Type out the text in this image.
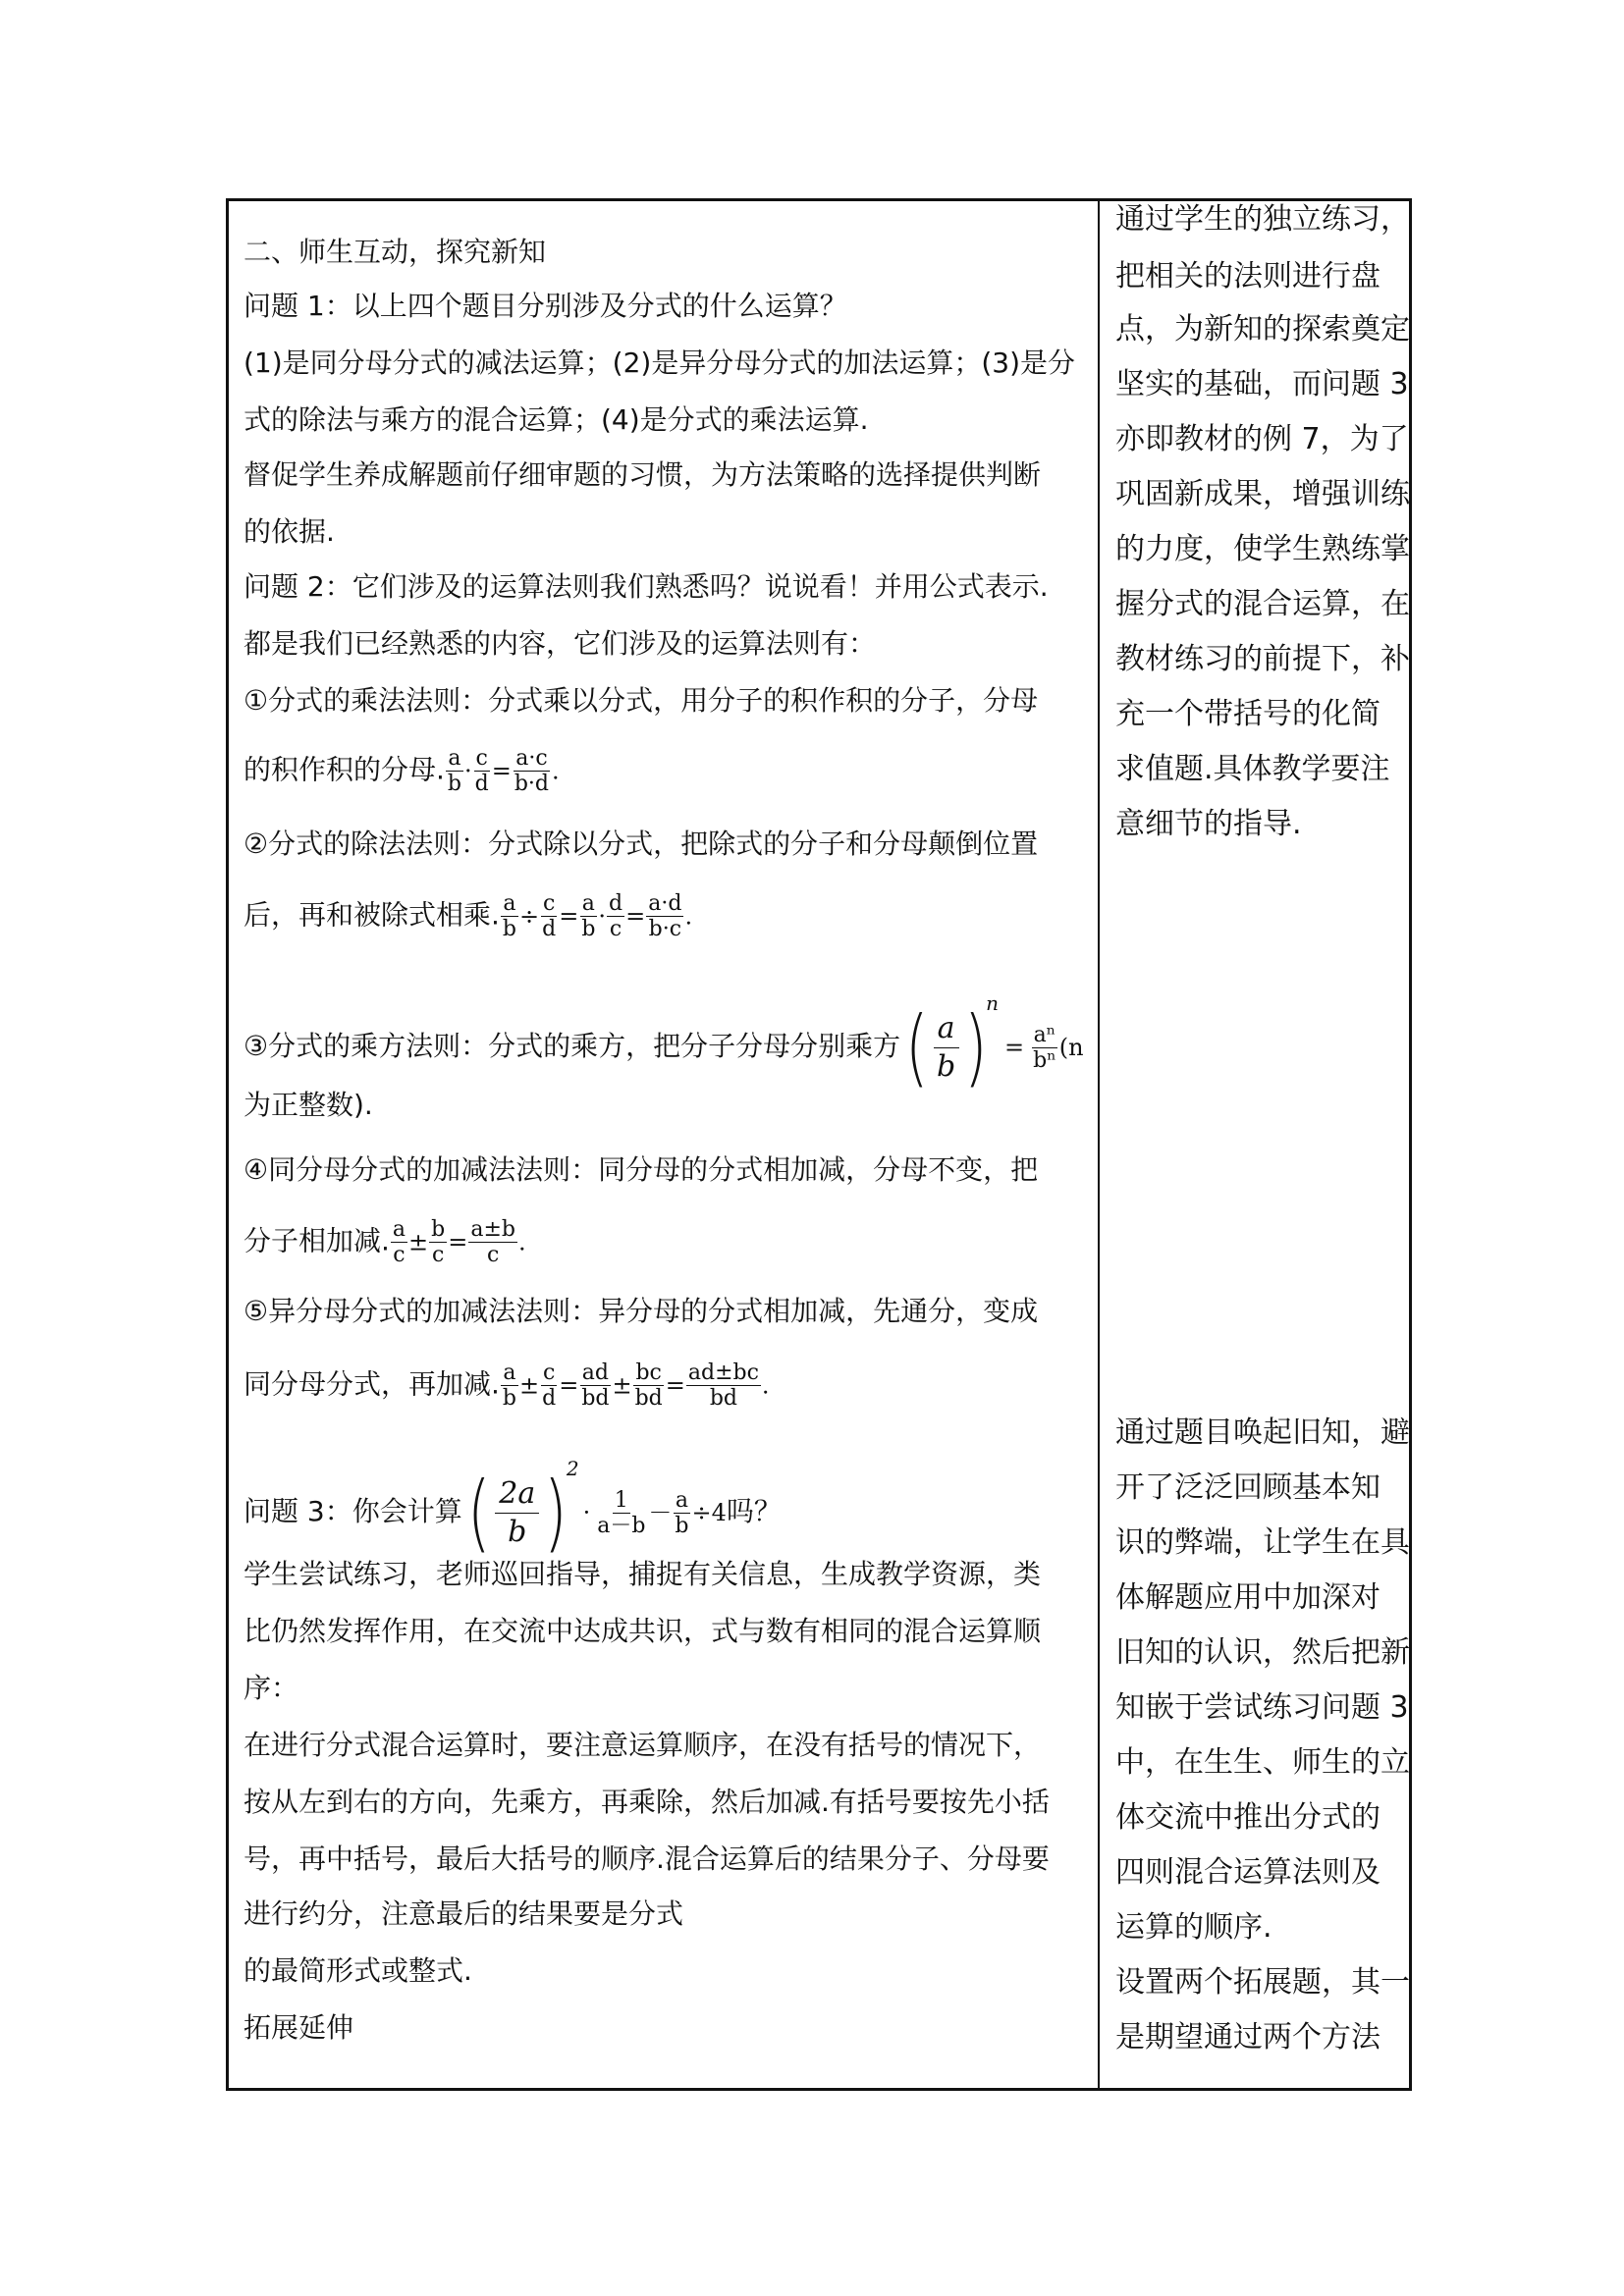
二、师生互动，探究新知
问题 1：以上四个题目分别涉及分式的什么运算？
(1)是同分母分式的减法运算；(2)是异分母分式的加法运算；(3)是分
式的除法与乘方的混合运算；(4)是分式的乘法运算.
督促学生养成解题前仔细审题的习惯，为方法策略的选择提供判断
的依据.
问题 2：它们涉及的运算法则我们熟悉吗？说说看！并用公式表示.
都是我们已经熟悉的内容，它们涉及的运算法则有：
①分式的乘法法则：分式乘以分式，用分子的积作积的分子，分母
的积作积的分母. $\frac{a}{b} \cdot \frac{c}{d} = \frac{a\cdot c}{b\cdot d}$ .
②分式的除法法则：分式除以分式，把除式的分子和分母颠倒位置
后，再和被除式相乘. $\frac{a}{b} \div \frac{c}{d} = \frac{a}{b} \cdot \frac{d}{c} = \frac{a\cdot d}{b\cdot c}$ .
③分式的乘方法则：分式的乘方，把分子分母分别乘方( $\frac{a}{b} )^n= \frac{\text{aⁿ}}{\text{bⁿ}} (n$
为正整数).
④同分母分式的加减法法则：同分母的分式相加减，分母不变，把
分子相加减. $\frac{a}{c} \pm \frac{b}{c} = \frac{a\pm b}{c}$ .
⑤异分母分式的加减法法则：异分母的分式相加减，先通分，变成
同分母分式，再加减. $\frac{a}{b} \pm \frac{c}{d} = \frac{ad}{bd} \pm \frac{bc}{bd} = \frac{ad\pm bc}{bd}$ .
问题 3：你会计算( $\frac{2a}{b} )^2\cdot \frac{1}{a-b} - \frac{a}{b} \div 4$吗？
学生尝试练习，老师巡回指导，捕捉有关信息，生成教学资源，类
比仍然发挥作用，在交流中达成共识，式与数有相同的混合运算顺
序：
在进行分式混合运算时，要注意运算顺序，在没有括号的情况下，
按从左到右的方向，先乘方，再乘除，然后加减.有括号要按先小括
号，再中括号，最后大括号的顺序.混合运算后的结果分子、分母要
进行约分，注意最后的结果要是分式
的最简形式或整式.
拓展延伸
通过学生的独立练习，
把相关的法则进行盘
点，为新知的探索奠定
坚实的基础，而问题 3
亦即教材的例 7，为了
巩固新成果，增强训练
的力度，使学生熟练掌
握分式的混合运算，在
教材练习的前提下，补
充一个带括号的化简
求值题.具体教学要注
意细节的指导.
通过题目唤起旧知，避
开了泛泛回顾基本知
识的弊端，让学生在具
体解题应用中加深对
旧知的认识，然后把新
知嵌于尝试练习问题 3
中，在生生、师生的立
体交流中推出分式的
四则混合运算法则及
运算的顺序.
设置两个拓展题，其一
是期望通过两个方法
